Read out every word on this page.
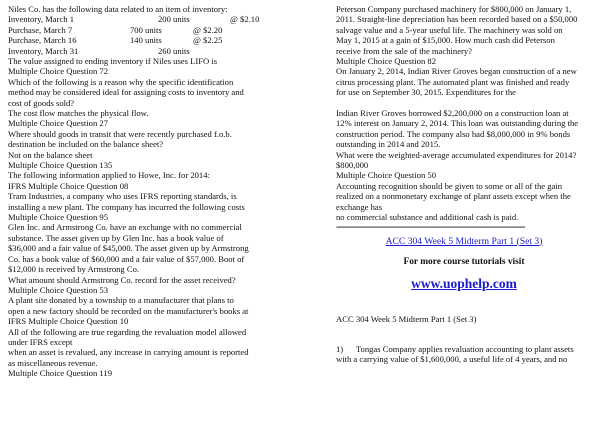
Niles Co. has the following data related to an item of inventory:
Inventory, March 1	200 units	@ $2.10
Purchase, March 7	700 units	@ $2.20
Purchase, March 16	140 units	@ $2.25
Inventory, March 31	260 units
The value assigned to ending inventory if Niles uses LIFO is
Multiple Choice Question 72
Which of the following is a reason why the specific identification
method may be considered ideal for assigning costs to inventory and
cost of goods sold?
The cost flow matches the physical flow.
Multiple Choice Question 27
Where should goods in transit that were recently purchased f.o.b.
destination be included on the balance sheet?
Not on the balance sheet
Multiple Choice Question 135
The following information applied to Howe, Inc. for 2014:
IFRS Multiple Choice Question 08
Tram Industries, a company who uses IFRS reporting standards, is
installing a new plant. The company has incurred the following costs
Multiple Choice Question 95
Glen Inc. and Armstrong Co. have an exchange with no commercial
substance. The asset given up by Glen Inc. has a book value of
$36,000 and a fair value of $45,000. The asset given up by Armstrong
Co. has a book value of $60,000 and a fair value of $57,000. Boot of
$12,000 is received by Armstrong Co.
What amount should Armstrong Co. record for the asset received?
Multiple Choice Question 53
A plant site donated by a township to a manufacturer that plans to
open a new factory should be recorded on the manufacturer's books at
IFRS Multiple Choice Question 10
All of the following are true regarding the revaluation model allowed
under IFRS except
when an asset is revalued, any increase in carrying amount is reported
as miscellaneous revenue.
Multiple Choice Question 119
Peterson Company purchased machinery for $800,000 on January 1,
2011. Straight-line depreciation has been recorded based on a $50,000
salvage value and a 5-year useful life. The machinery was sold on
May 1, 2015 at a gain of $15,000. How much cash did Peterson
receive from the sale of the machinery?
Multiple Choice Question 82
On January 2, 2014, Indian River Groves began construction of a new
citrus processing plant. The automated plant was finished and ready
for use on September 30, 2015. Expenditures for the
Indian River Groves borrowed $2,200,000 on a construction loan at
12% interest on January 2, 2014. This loan was outstanding during the
construction period. The company also had $8,000,000 in 9% bonds
outstanding in 2014 and 2015.
What were the weighted-average accumulated expenditures for 2014?
$800,000
Multiple Choice Question 50
Accounting recognition should be given to some or all of the gain
realized on a nonmonetary exchange of plant assets except when the
exchange has
no commercial substance and additional cash is paid.
=================================================
ACC 304 Week 5 Midterm Part 1 (Set 3)
For more course tutorials visit
www.uophelp.com
ACC 304 Week 5 Midterm Part 1 (Set 3)
1)      Tongas Company applies revaluation accounting to plant assets
with a carrying value of $1,600,000, a useful life of 4 years, and no
